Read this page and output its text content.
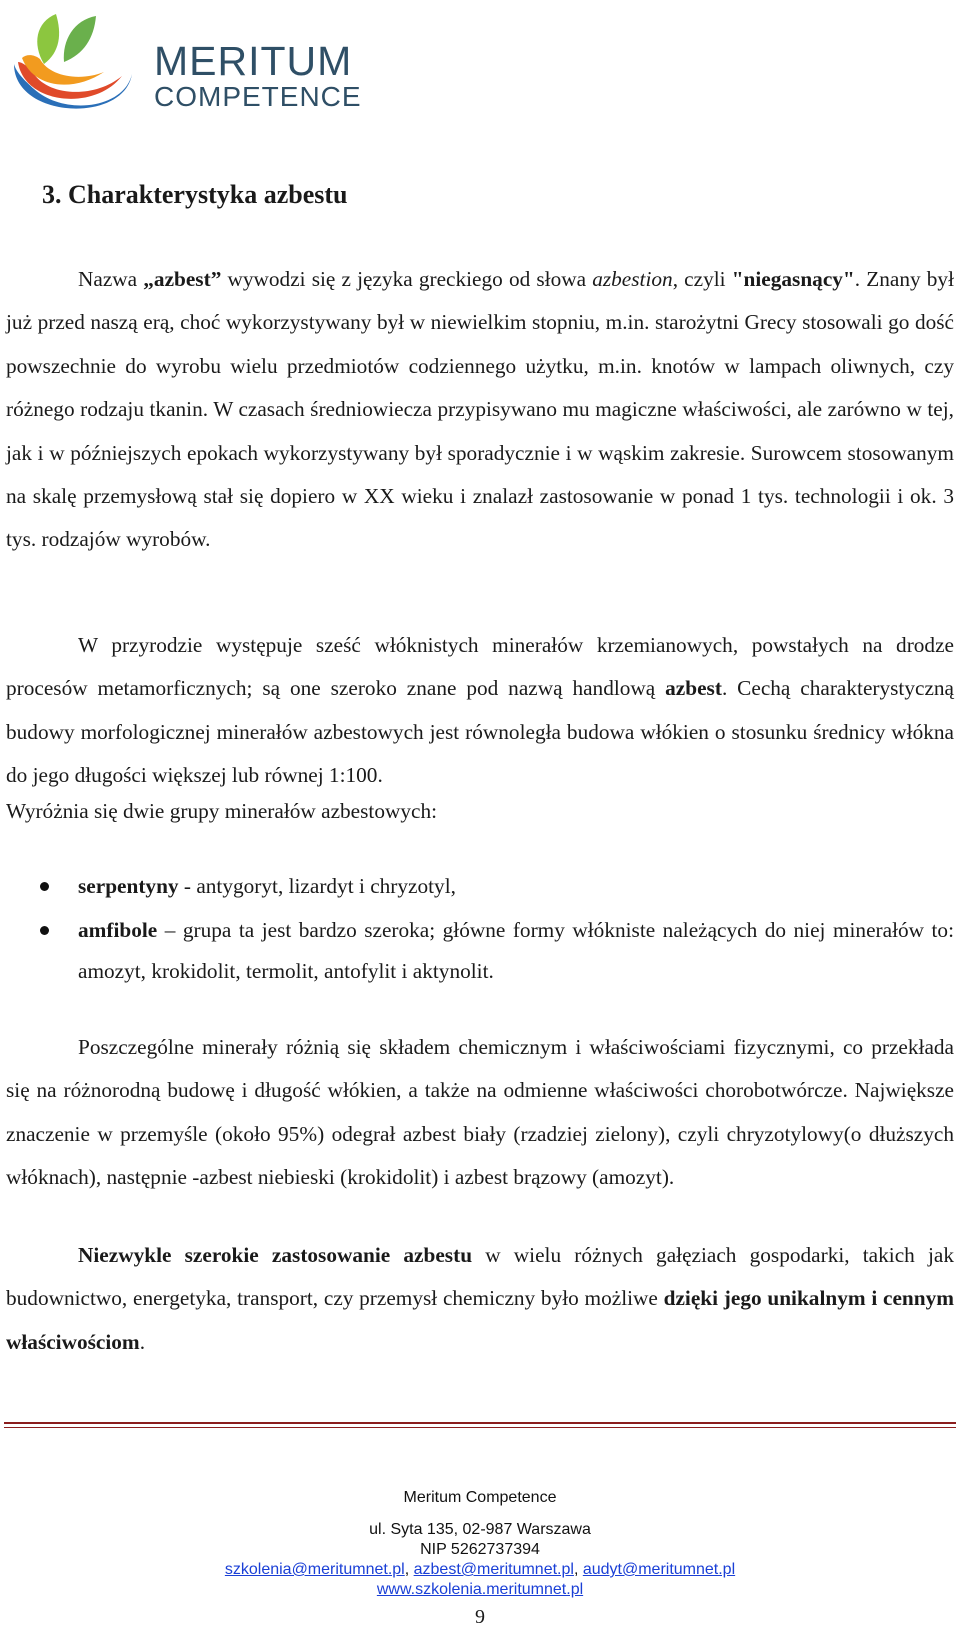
MERITUM
COMPETENCE
3. Charakterystyka azbestu

Nazwa „azbest” wywodzi się z języka greckiego od słowa azbestion, czyli "niegasnący". Znany był już przed naszą erą, choć wykorzystywany był w niewielkim stopniu, m.in. starożytni Grecy stosowali go dość powszechnie do wyrobu wielu przedmiotów codziennego użytku, m.in. knotów w lampach oliwnych, czy różnego rodzaju tkanin. W czasach średniowiecza przypisywano mu magiczne właściwości, ale zarówno w tej, jak i w późniejszych epokach wykorzystywany był sporadycznie i w wąskim zakresie. Surowcem stosowanym na skalę przemysłową stał się dopiero w XX wieku i znalazł zastosowanie w ponad 1 tys. technologii i ok. 3 tys. rodzajów wyrobów.

W przyrodzie występuje sześć włóknistych minerałów krzemianowych, powstałych na drodze procesów metamorficznych; są one szeroko znane pod nazwą handlową azbest. Cechą charakterystyczną budowy morfologicznej minerałów azbestowych jest równoległa budowa włókien o stosunku średnicy włókna do jego długości większej lub równej 1:100.

Wyróżnia się dwie grupy minerałów azbestowych:

serpentyny - antygoryt, lizardyt i chryzotyl,
amfibole – grupa ta jest bardzo szeroka; główne formy włókniste należących do niej minerałów to: amozyt, krokidolit, termolit, antofylit i aktynolit.

Poszczególne minerały różnią się składem chemicznym i właściwościami fizycznymi, co przekłada się na różnorodną budowę i długość włókien, a także na odmienne właściwości chorobotwórcze. Największe znaczenie w przemyśle (około 95%) odegrał azbest biały (rzadziej zielony), czyli chryzotylowy(o dłuższych włóknach), następnie -azbest niebieski (krokidolit) i azbest brązowy (amozyt).

Niezwykle szerokie zastosowanie azbestu w wielu różnych gałęziach gospodarki, takich jak budownictwo, energetyka, transport, czy przemysł chemiczny było możliwe dzięki jego unikalnym i cennym właściwościom.

Meritum Competence
ul. Syta 135, 02-987 Warszawa
NIP 5262737394
szkolenia@meritumnet.pl, azbest@meritumnet.pl, audyt@meritumnet.pl
www.szkolenia.meritumnet.pl
9
